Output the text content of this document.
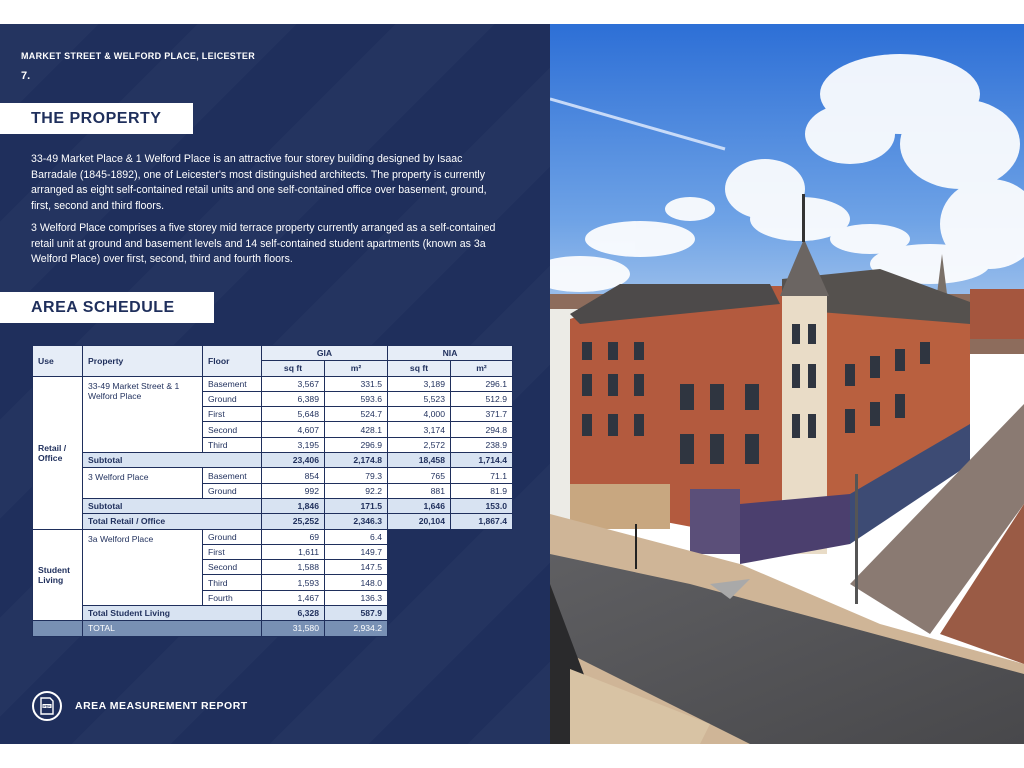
MARKET STREET & WELFORD PLACE, LEICESTER
7.
THE PROPERTY

33-49 Market Place & 1 Welford Place is an attractive four storey building designed by Isaac Barradale (1845-1892), one of Leicester's most distinguished architects. The property is currently arranged as eight self-contained retail units and one self-contained office over basement, ground, first, second and third floors.

3 Welford Place comprises a five storey mid terrace property currently arranged as a self-contained retail unit at ground and basement levels and 14 self-contained student apartments (known as 3a Welford Place) over first, second, third and fourth floors.

AREA SCHEDULE
Use	Property	Floor	GIA		NIA	
			sq ft	m²	sq ft	m²
Retail / Office	33-49 Market Street & 1 Welford Place	Basement	3,567	331.5	3,189	296.1
		Ground	6,389	593.6	5,523	512.9
		First	5,648	524.7	4,000	371.7
		Second	4,607	428.1	3,174	294.8
		Third	3,195	296.9	2,572	238.9
	Subtotal		23,406	2,174.8	18,458	1,714.4
	3 Welford Place	Basement	854	79.3	765	71.1
		Ground	992	92.2	881	81.9
	Subtotal		1,846	171.5	1,646	153.0
	Total Retail / Office		25,252	2,346.3	20,104	1,867.4
Student Living	3a Welford Place	Ground	69	6.4		
		First	1,611	149.7		
		Second	1,588	147.5		
		Third	1,593	148.0		
		Fourth	1,467	136.3		
	Total Student Living		6,328	587.9		
	TOTAL		31,580	2,934.2		
PDF AREA MEASUREMENT REPORT
